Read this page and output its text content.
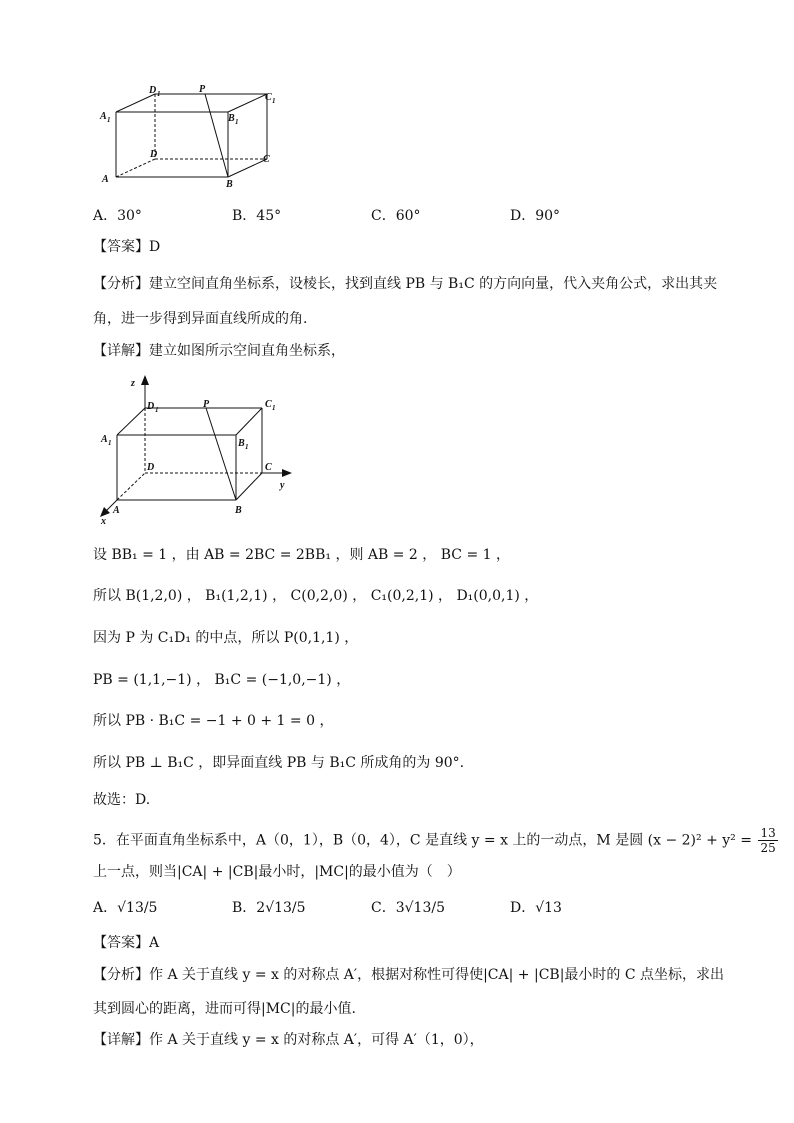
A 1
D 1	P
C 1
B 1
D	C
A	B
A．30°	B．45°	C．60°	D．90°
【答案】D
【分析】建立空间直角坐标系，设棱长，找到直线 PB 与 B₁C 的方向向量，代入夹角公式，求出其夹
角，进一步得到异面直线所成的角.
【详解】建立如图所示空间直角坐标系，
z
y
x
D 1	P	C 1
A 1	B 1
D	C
A	B
设 BB₁ = 1 ，由 AB = 2BC = 2BB₁ ，则 AB = 2 ， BC = 1 ，
所以 B(1,2,0) ， B₁(1,2,1) ， C(0,2,0) ， C₁(0,2,1) ， D₁(0,0,1) ，
因为 P 为 C₁D₁ 的中点，所以 P(0,1,1) ，
PB = (1,1,−1) ， B₁C = (−1,0,−1) ，
所以 PB · B₁C = −1 + 0 + 1 = 0 ，
所以 PB ⊥ B₁C ，即异面直线 PB 与 B₁C 所成角的为 90°.
故选：D.
5．在平面直角坐标系中，A（0，1），B（0，4），C 是直线 y = x 上的一动点，M 是圆 $(x - 2)^2 + y^2 = \frac{13}{25}$
上一点，则当|CA| + |CB|最小时，|MC|的最小值为（　）
A．√13/5	B．2√13/5	C．3√13/5	D．√13
【答案】A
【分析】作 A 关于直线 y = x 的对称点 A′，根据对称性可得使|CA| + |CB|最小时的 C 点坐标，求出
其到圆心的距离，进而可得|MC|的最小值.
【详解】作 A 关于直线 y = x 的对称点 A′，可得 A′（1，0），
